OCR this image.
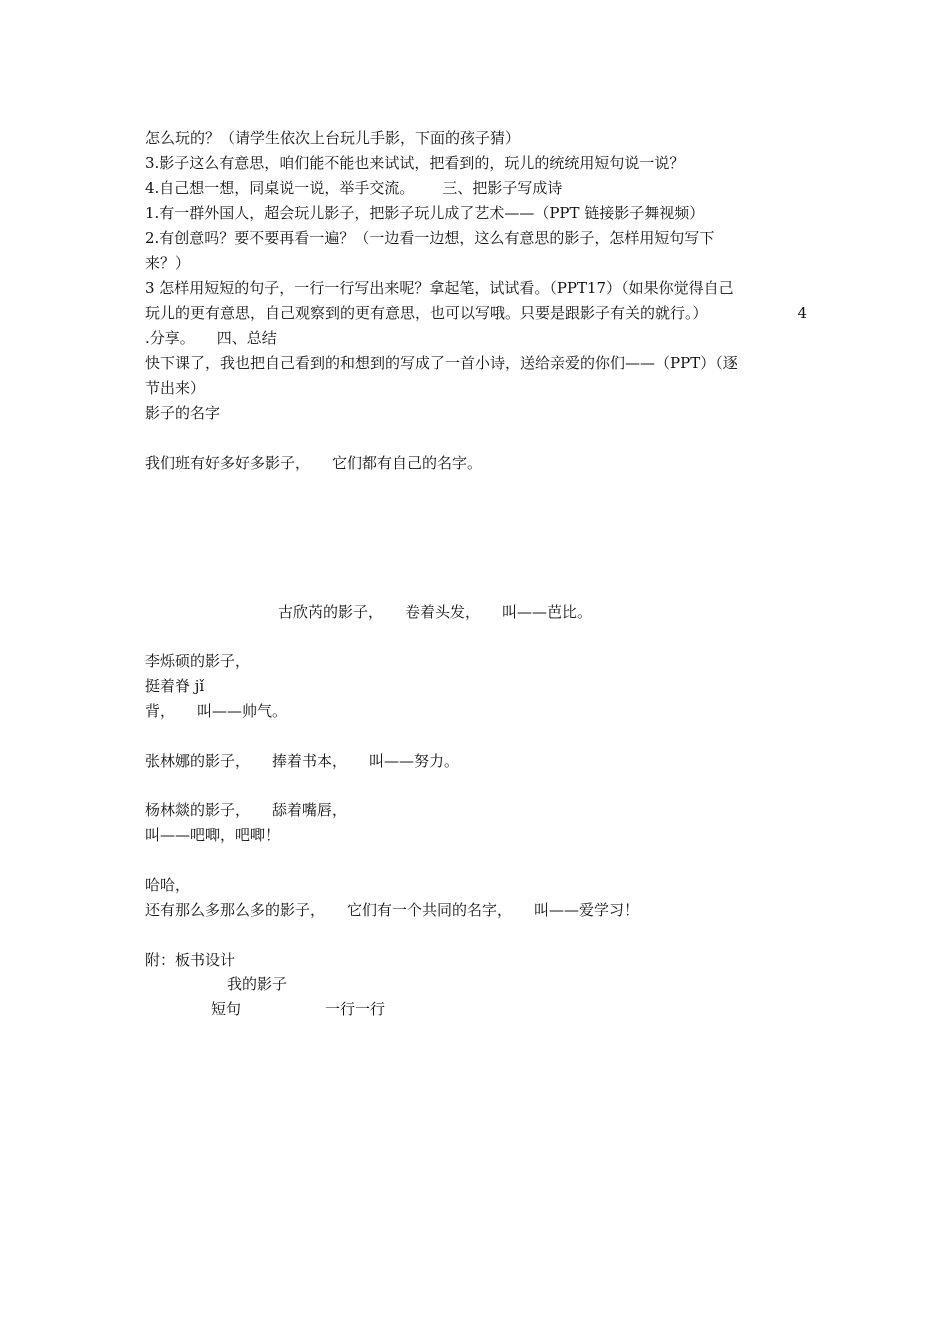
怎么玩的？（请学生依次上台玩儿手影，下面的孩子猜）
3.影子这么有意思，咱们能不能也来试试，把看到的，玩儿的统统用短句说一说？
4.自己想一想，同桌说一说，举手交流。 三、把影子写成诗
1.有一群外国人，超会玩儿影子，把影子玩儿成了艺术——（PPT 链接影子舞视频）
2.有创意吗？要不要再看一遍？（一边看一边想，这么有意思的影子，怎样用短句写下
来？）
3 怎样用短短的句子，一行一行写出来呢？拿起笔，试试看。（PPT17）（如果你觉得自己
玩儿的更有意思，自己观察到的更有意思，也可以写哦。只要是跟影子有关的就行。）	4
.分享。 四、总结
快下课了，我也把自己看到的和想到的写成了一首小诗，送给亲爱的你们——（PPT）（逐
节出来）
影子的名字
我们班有好多好多影子， 它们都有自己的名字。
古欣芮的影子， 卷着头发， 叫——芭比。
李烁硕的影子，
挺着脊 jǐ
背， 叫——帅气。
张林娜的影子， 捧着书本， 叫——努力。
杨林燚的影子， 舔着嘴唇，
叫——吧唧，吧唧！
哈哈，
还有那么多那么多的影子， 它们有一个共同的名字， 叫——爱学习！
附：板书设计
我的影子
短句	一行一行
